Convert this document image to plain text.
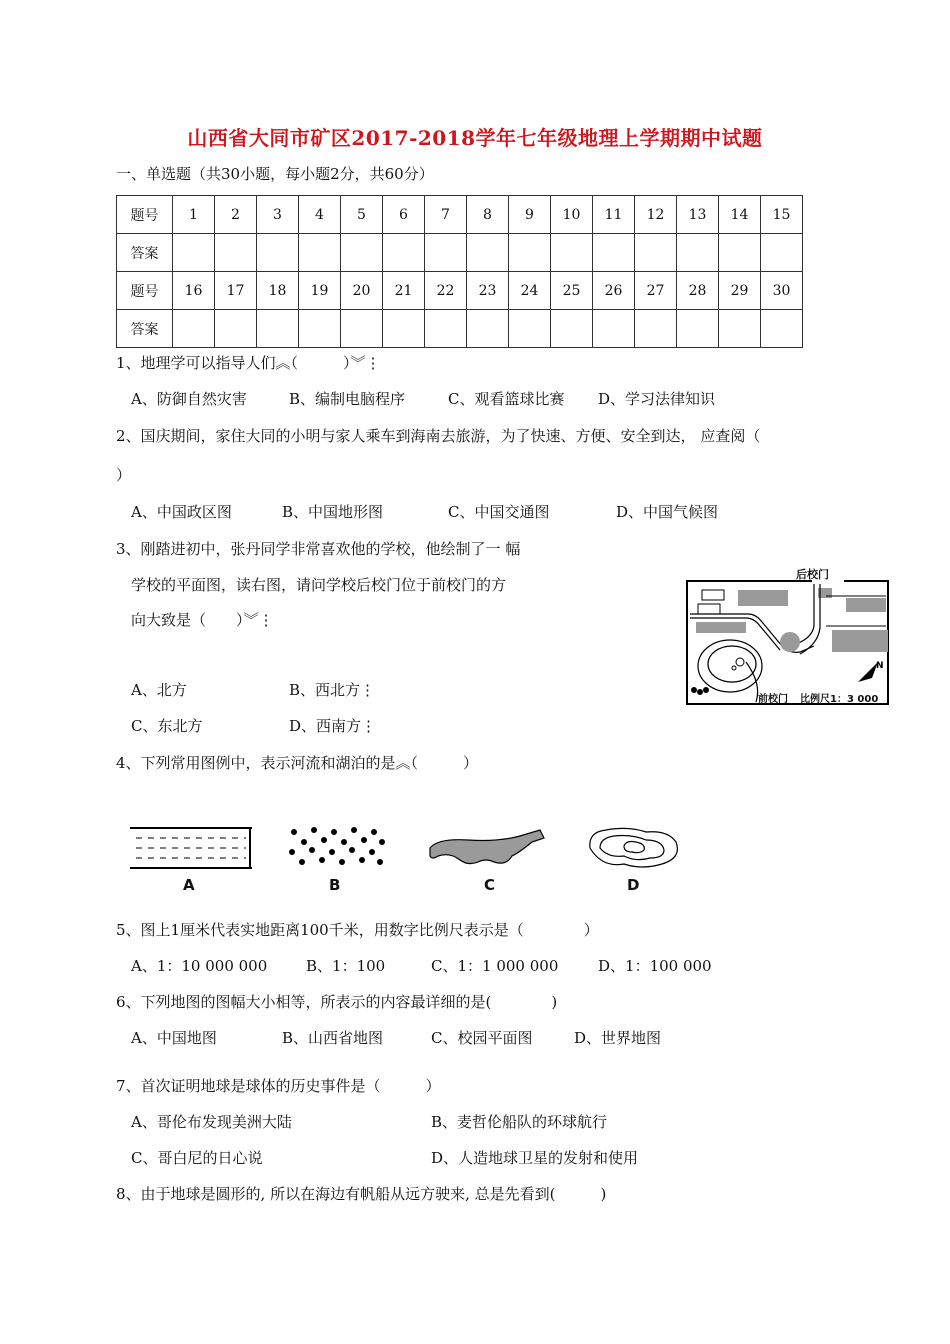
山西省大同市矿区2017-2018学年七年级地理上学期期中试题
一、单选题（共30小题，每小题2分，共60分）
题号	1	2	3	4	5	6	7	8	9	10	11	12	13	14	15
答案															
题号	16	17	18	19	20	21	22	23	24	25	26	27	28	29	30
答案															
1、地理学可以指导人们︽（　　　）︾⋮
A、防御自然灾害	B、编制电脑程序	C、观看篮球比赛 D、学习法律知识
2、国庆期间，家住大同的小明与家人乘车到海南去旅游，为了快速、方便、安全到达， 应查阅（
）
A、中国政区图	B、中国地形图	C、中国交通图	D、中国气候图
3、刚踏进初中，张丹同学非常喜欢他的学校，他绘制了一 幅
学校的平面图，读右图，请问学校后校门位于前校门的方
向大致是（　　）︾⋮
A、北方	B、西北方⋮
C、东北方	D、西南方⋮
N
后校门
前校门 比例尺1：3 000
4、下列常用图例中，表示河流和湖泊的是︽（　　　）
A	B	C	D
5、图上1厘米代表实地距离100千米，用数字比例尺表示是（　　　　）
A、1：10 000 000	B、1：100	C、1：1 000 000	D、1：100 000
6、下列地图的图幅大小相等，所表示的内容最详细的是(　　　　)
A、中国地图	B、山西省地图	C、校园平面图	D、世界地图
7、首次证明地球是球体的历史事件是（　　　）
A、哥伦布发现美洲大陆	B、麦哲伦船队的环球航行
C、哥白尼的日心说	D、人造地球卫星的发射和使用
8、由于地球是圆形的, 所以在海边有帆船从远方驶来, 总是先看到(　　　)
